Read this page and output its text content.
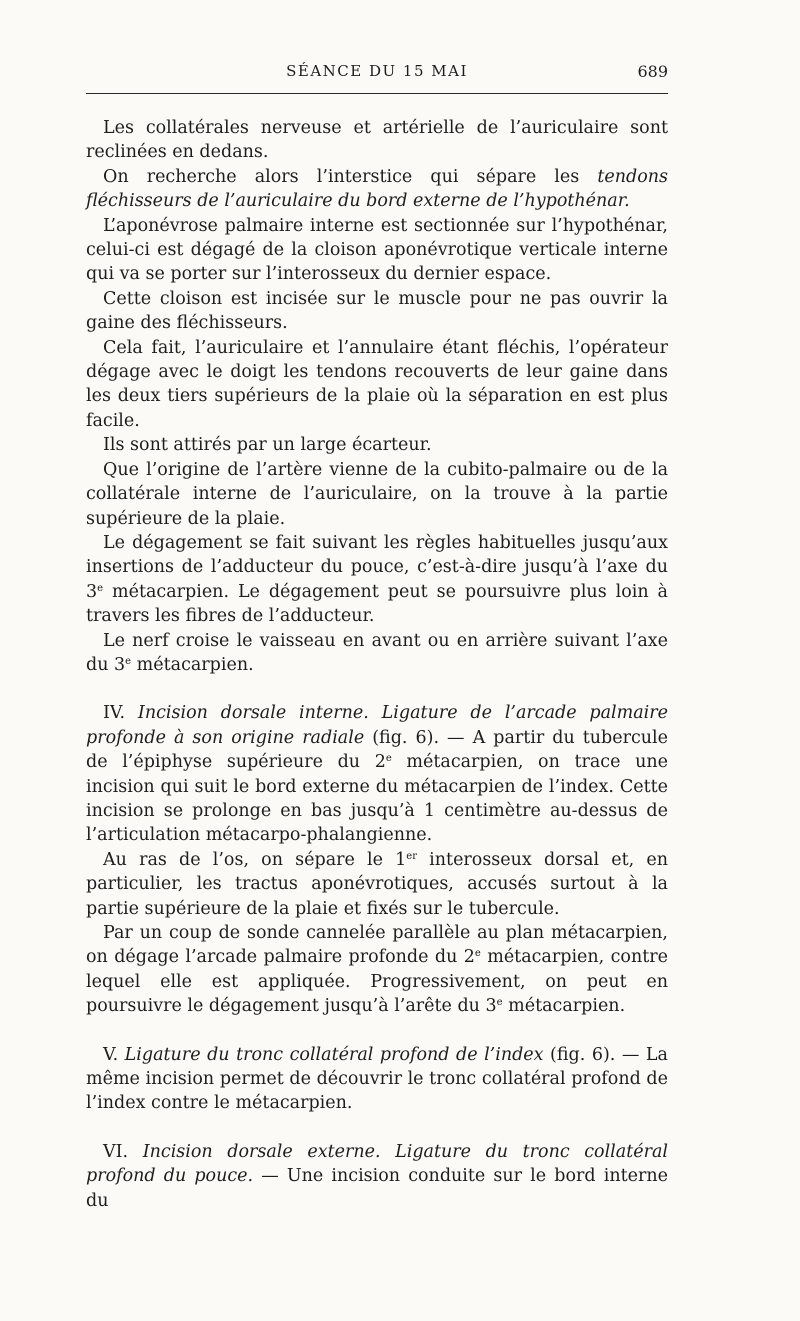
SÉANCE DU 15 MAI	689

Les collatérales nerveuse et artérielle de l’auriculaire sont reclinées en dedans.

On recherche alors l’interstice qui sépare les tendons fléchisseurs de l’auriculaire du bord externe de l’hypothénar.

L’aponévrose palmaire interne est sectionnée sur l’hypothénar, celui-ci est dégagé de la cloison aponévrotique verticale interne qui va se porter sur l’interosseux du dernier espace.

Cette cloison est incisée sur le muscle pour ne pas ouvrir la gaine des fléchisseurs.

Cela fait, l’auriculaire et l’annulaire étant fléchis, l’opérateur dégage avec le doigt les tendons recouverts de leur gaine dans les deux tiers supérieurs de la plaie où la séparation en est plus facile.

Ils sont attirés par un large écarteur.

Que l’origine de l’artère vienne de la cubito-palmaire ou de la collatérale interne de l’auriculaire, on la trouve à la partie supérieure de la plaie.

Le dégagement se fait suivant les règles habituelles jusqu’aux insertions de l’adducteur du pouce, c’est-à-dire jusqu’à l’axe du 3e métacarpien. Le dégagement peut se poursuivre plus loin à travers les fibres de l’adducteur.

Le nerf croise le vaisseau en avant ou en arrière suivant l’axe du 3e métacarpien.

IV. Incision dorsale interne. Ligature de l’arcade palmaire profonde à son origine radiale (fig. 6). — A partir du tubercule de l’épiphyse supérieure du 2e métacarpien, on trace une incision qui suit le bord externe du métacarpien de l’index. Cette incision se prolonge en bas jusqu’à 1 centimètre au-dessus de l’articulation métacarpo-phalangienne.

Au ras de l’os, on sépare le 1er interosseux dorsal et, en particulier, les tractus aponévrotiques, accusés surtout à la partie supérieure de la plaie et fixés sur le tubercule.

Par un coup de sonde cannelée parallèle au plan métacarpien, on dégage l’arcade palmaire profonde du 2e métacarpien, contre lequel elle est appliquée. Progressivement, on peut en poursuivre le dégagement jusqu’à l’arête du 3e métacarpien.

V. Ligature du tronc collatéral profond de l’index (fig. 6). — La même incision permet de découvrir le tronc collatéral profond de l’index contre le métacarpien.

VI. Incision dorsale externe. Ligature du tronc collatéral profond du pouce. — Une incision conduite sur le bord interne du
